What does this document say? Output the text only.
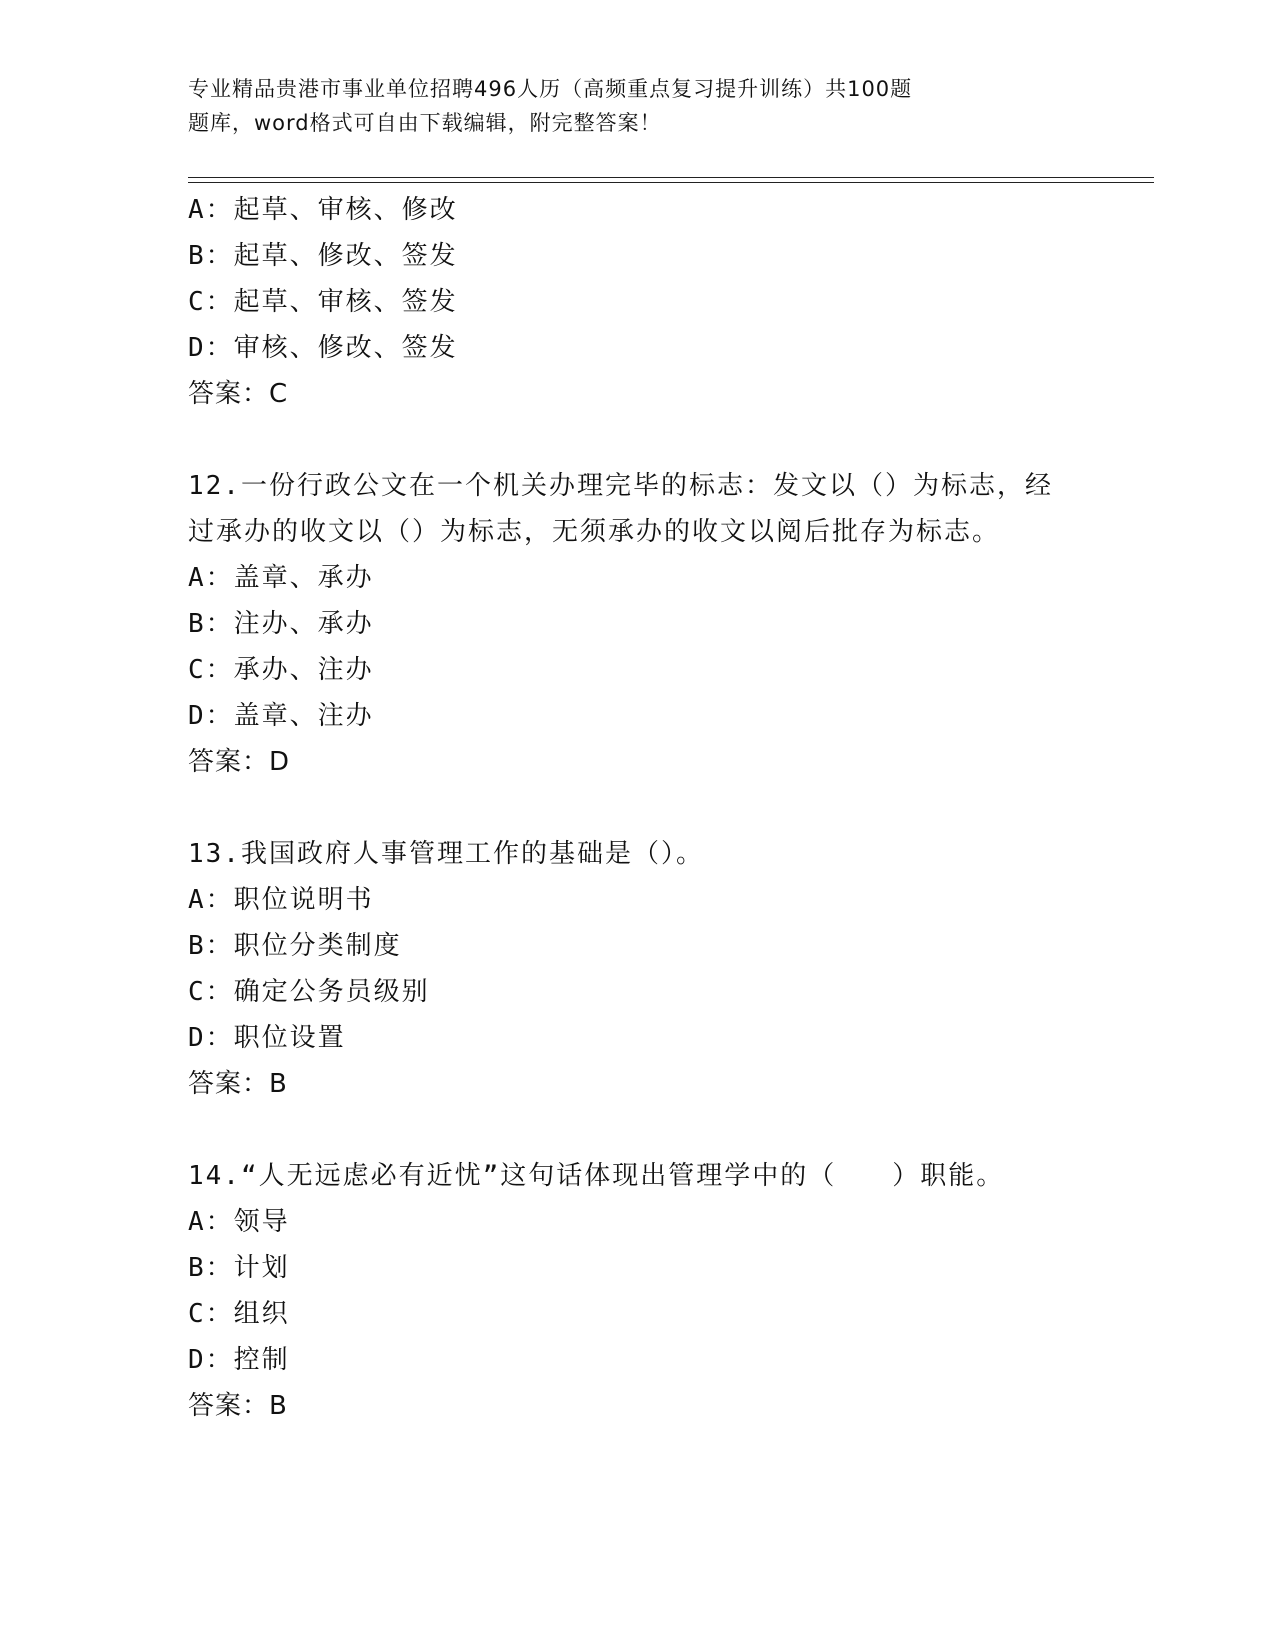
专业精品贵港市事业单位招聘496人历（高频重点复习提升训练）共100题
题库，word格式可自由下载编辑，附完整答案！
A：起草、审核、修改
B：起草、修改、签发
C：起草、审核、签发
D：审核、修改、签发
答案：C
12.一份行政公文在一个机关办理完毕的标志：发文以（）为标志，经
过承办的收文以（）为标志，无须承办的收文以阅后批存为标志。
A：盖章、承办
B：注办、承办
C：承办、注办
D：盖章、注办
答案：D
13.我国政府人事管理工作的基础是（）。
A：职位说明书
B：职位分类制度
C：确定公务员级别
D：职位设置
答案：B
14.“人无远虑必有近忧”这句话体现出管理学中的（　　）职能。
A：领导
B：计划
C：组织
D：控制
答案：B
